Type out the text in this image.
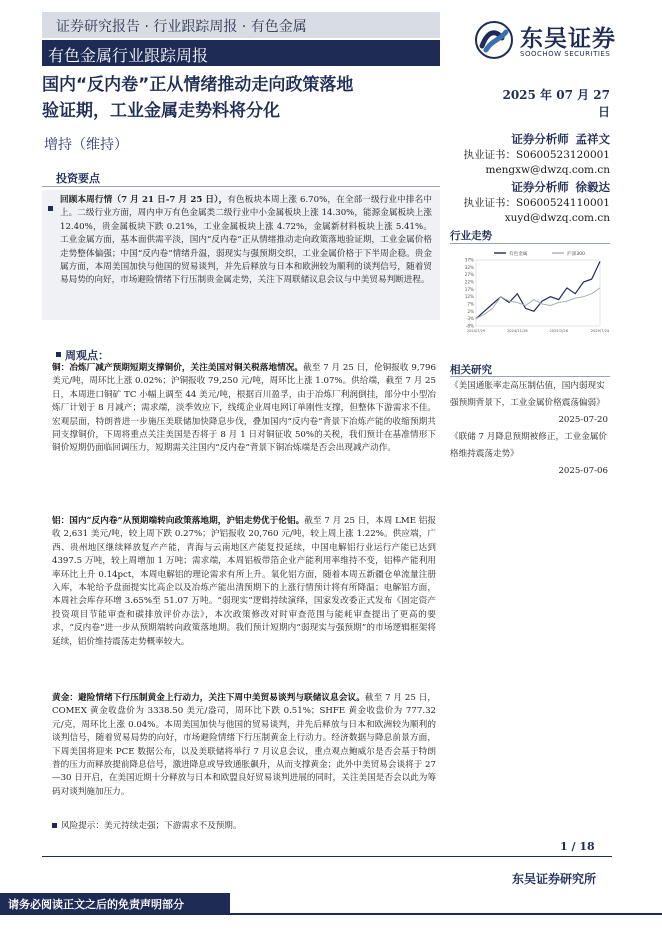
证券研究报告 · 行业跟踪周报 · 有色金属
有色金属行业跟踪周报
东吴证券
SOOCHOW SECURITIES
国内“反内卷”正从情绪推动走向政策落地
验证期，工业金属走势料将分化
2025 年 07 月 27 日
增持（维持）	证券分析师 孟祥文
执业证书：S0600523120001
mengxw@dwzq.com.cn
证券分析师 徐毅达
执业证书：S0600524110001
xuyd@dwzq.com.cn
投资要点
回顾本周行情（7 月 21 日-7 月 25 日），有色板块本周上涨 6.70%，在全部一级行业中排名中上。二级行业方面，周内申万有色金属类二级行业中小金属板块上涨 14.30%，能源金属板块上涨 12.40%，贵金属板块下跌 0.21%，工业金属板块上涨 4.72%，金属新材料板块上涨 5.41%。工业金属方面，基本面供需平淡，国内“反内卷”正从情绪推动走向政策落地验证期，工业金属价格走势整体偏强；中国“反内卷”情绪升温，弱现实与强预期交织，工业金属价格于下半周企稳。贵金属方面，本周美国加快与他国的贸易谈判，并先后释放与日本和欧洲较为顺利的谈判信号，随着贸易局势的向好，市场避险情绪下行压制贵金属走势，关注下周联储议息会议与中美贸易判断进程。
周观点：
铜：冶炼厂减产预期短期支撑铜价，关注美国对铜关税落地情况。截至 7 月 25 日，伦铜报收 9,796 美元/吨，周环比上涨 0.02%；沪铜报收 79,250 元/吨，周环比上涨 1.07%。供给端，截至 7 月 25 日，本周进口铜矿 TC 小幅上调至 44 美元/吨，根据百川盈孚，由于冶炼厂利润倒挂，部分中小型冶炼厂计划于 8 月减产；需求端，淡季效应下，线缆企业周电网订单刚性支撑，但整体下游需求不佳。宏观层面，特朗普进一步施压美联储加快降息步伐，叠加国内“反内卷”背景下冶炼产能的收缩预期共同支撑铜价，下周将重点关注美国是否将于 8 月 1 日对铜征收 50%的关税，我们预计在基准情形下铜价短期仍面临回调压力，短期需关注国内“反内卷”背景下铜冶炼端是否会出现减产动作。
铝：国内“反内卷”从预期端转向政策落地期，沪铝走势优于伦铝。截至 7 月 25 日，本周 LME 铝报收 2,631 美元/吨，较上周下跌 0.27%；沪铝报收 20,760 元/吨，较上周上涨 1.22%。供应端，广西、贵州地区继续释放复产产能，青海与云南地区产能复投延续，中国电解铝行业运行产能已达到 4397.5 万吨，较上周增加 1 万吨；需求端，本周铝板带箔企业产能利用率维持不变，铝棒产能利用率环比上升 0.14pct，本周电解铝的理论需求有所上升。氧化铝方面，随着本周五新疆仓单流量注册入库，本轮给予盘面提实比高企以及冶炼产能出清预期下的上涨行情预计将有所降温；电解铝方面，本周社会库存环增 3.65%至 51.07 万吨。“弱现实”逻辑持续演绎，国家发改委正式发布《固定资产投资项目节能审查和碳排放评价办法》，本次政策修改对时审查范围与能耗审查提出了更高的要求，“反内卷”进一步从预期端转向政策落地期。我们预计短期内“弱现实与强预期”的市场逻辑框架将延续，铝价维持震荡走势概率较大。
黄金：避险情绪下行压制黄金上行动力，关注下周中美贸易谈判与联储议息会议。截至 7 月 25 日，COMEX 黄金收盘价为 3338.50 美元/盎司，周环比下跌 0.51%；SHFE 黄金收盘价为 777.32 元/克，周环比上涨 0.04%。本周美国加快与他国的贸易谈判，并先后释放与日本和欧洲较为顺利的谈判信号，随着贸易局势的向好，市场避险情绪下行压制黄金上行动力。经济数据与降息前景方面，下周美国将迎来 PCE 数据公布，以及美联储将举行 7 月议息会议，重点观点鲍威尔是否会基于特朗普的压力而释放提前降息信号，激进降息或导致通胀飙升，从而支撑黄金；此外中美贸易会谈将于 27—30 日开启，在美国近期十分释放与日本和欧盟良好贸易谈判进展的同时，关注美国是否会以此为筹码对谈判施加压力。
风险提示：美元持续走强；下游需求不及预期。
行业走势
37%
32%
27%
22%
17%
12%
7%
2%
-3%
-8%
2024/7/29	2024/11/26	2025/3/26	2025/7/24
有色金属	沪深300
相关研究
《美国通胀率走高压制估值，国内弱现实强预期背景下，工业金属价格震荡偏弱》
2025-07-20
《联储 7 月降息预期被修正，工业金属价格维持震荡走势》
2025-07-06
1 / 18
东吴证券研究所
请务必阅读正文之后的免责声明部分
